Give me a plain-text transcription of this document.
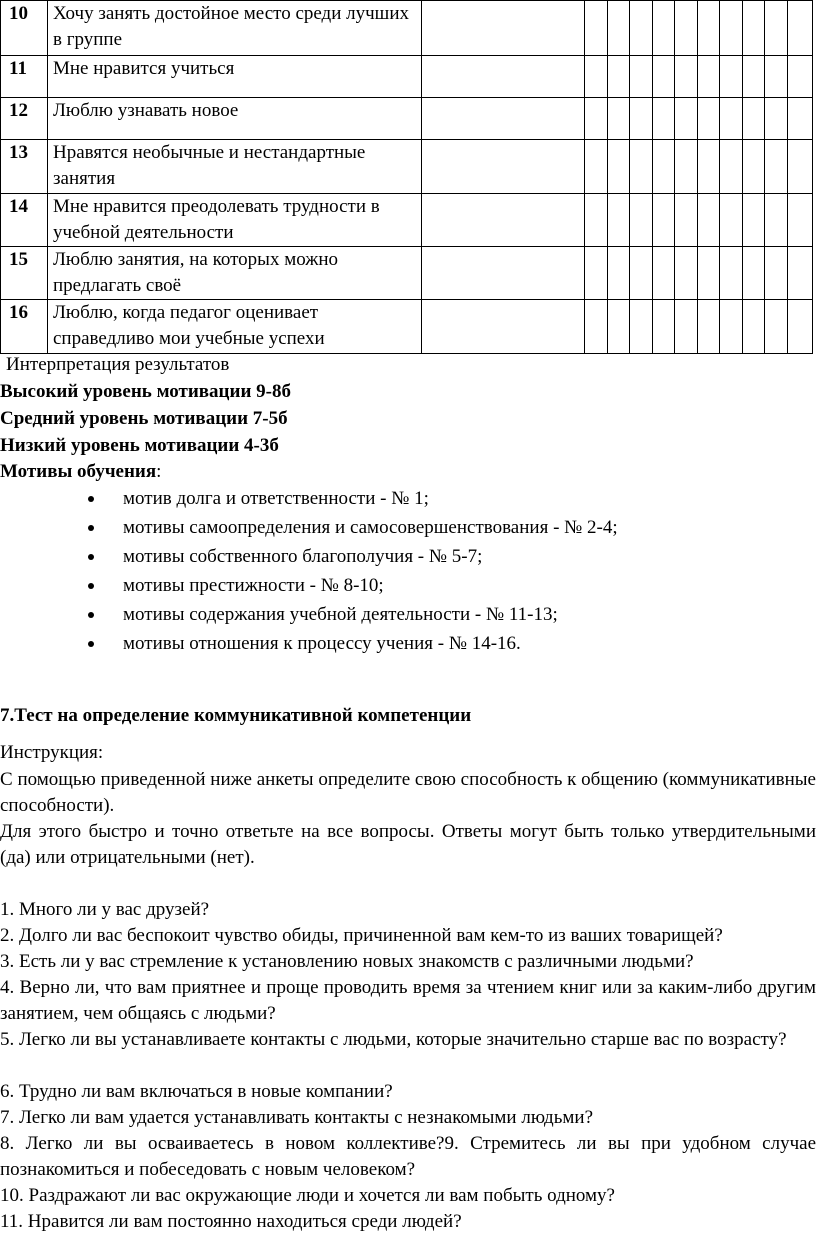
10	Хочу занять достойное место среди лучших в группе											
11	Мне нравится учиться											
12	Люблю узнавать новое											
13	Нравятся необычные и нестандартные занятия											
14	Мне нравится преодолевать трудности в учебной деятельности											
15	Люблю занятия, на которых можно предлагать своё											
16	Люблю, когда педагог оценивает справедливо мои учебные успехи											
Интерпретация результатов
Высокий уровень мотивации 9-8б
Средний уровень мотивации 7-5б
Низкий уровень мотивации 4-3б
Мотивы обучения:
мотив долга и ответственности - № 1;
мотивы самоопределения и самосовершенствования - № 2-4;
мотивы собственного благополучия - № 5-7;
мотивы престижности - № 8-10;
мотивы содержания учебной деятельности - № 11-13;
мотивы отношения к процессу учения - № 14-16.
7.Тест на определение коммуникативной компетенции
Инструкция:
С помощью приведенной ниже анкеты определите свою способность к общению (коммуникативные способности).
Для этого быстро и точно ответьте на все вопросы. Ответы могут быть только утвердительными (да) или отрицательными (нет).
1. Много ли у вас друзей?
2. Долго ли вас беспокоит чувство обиды, причиненной вам кем-то из ваших товарищей?
3. Есть ли у вас стремление к установлению новых знакомств с различными людьми?
4. Верно ли, что вам приятнее и проще проводить время за чтением книг или за каким-либо другим занятием, чем общаясь с людьми?
5. Легко ли вы устанавливаете контакты с людьми, которые значительно старше вас по возрасту?
6. Трудно ли вам включаться в новые компании?
7. Легко ли вам удается устанавливать контакты с незнакомыми людьми?
8. Легко ли вы осваиваетесь в новом коллективе?9. Стремитесь ли вы при удобном случае познакомиться и побеседовать с новым человеком?
10. Раздражают ли вас окружающие люди и хочется ли вам побыть одному?
11. Нравится ли вам постоянно находиться среди людей?
